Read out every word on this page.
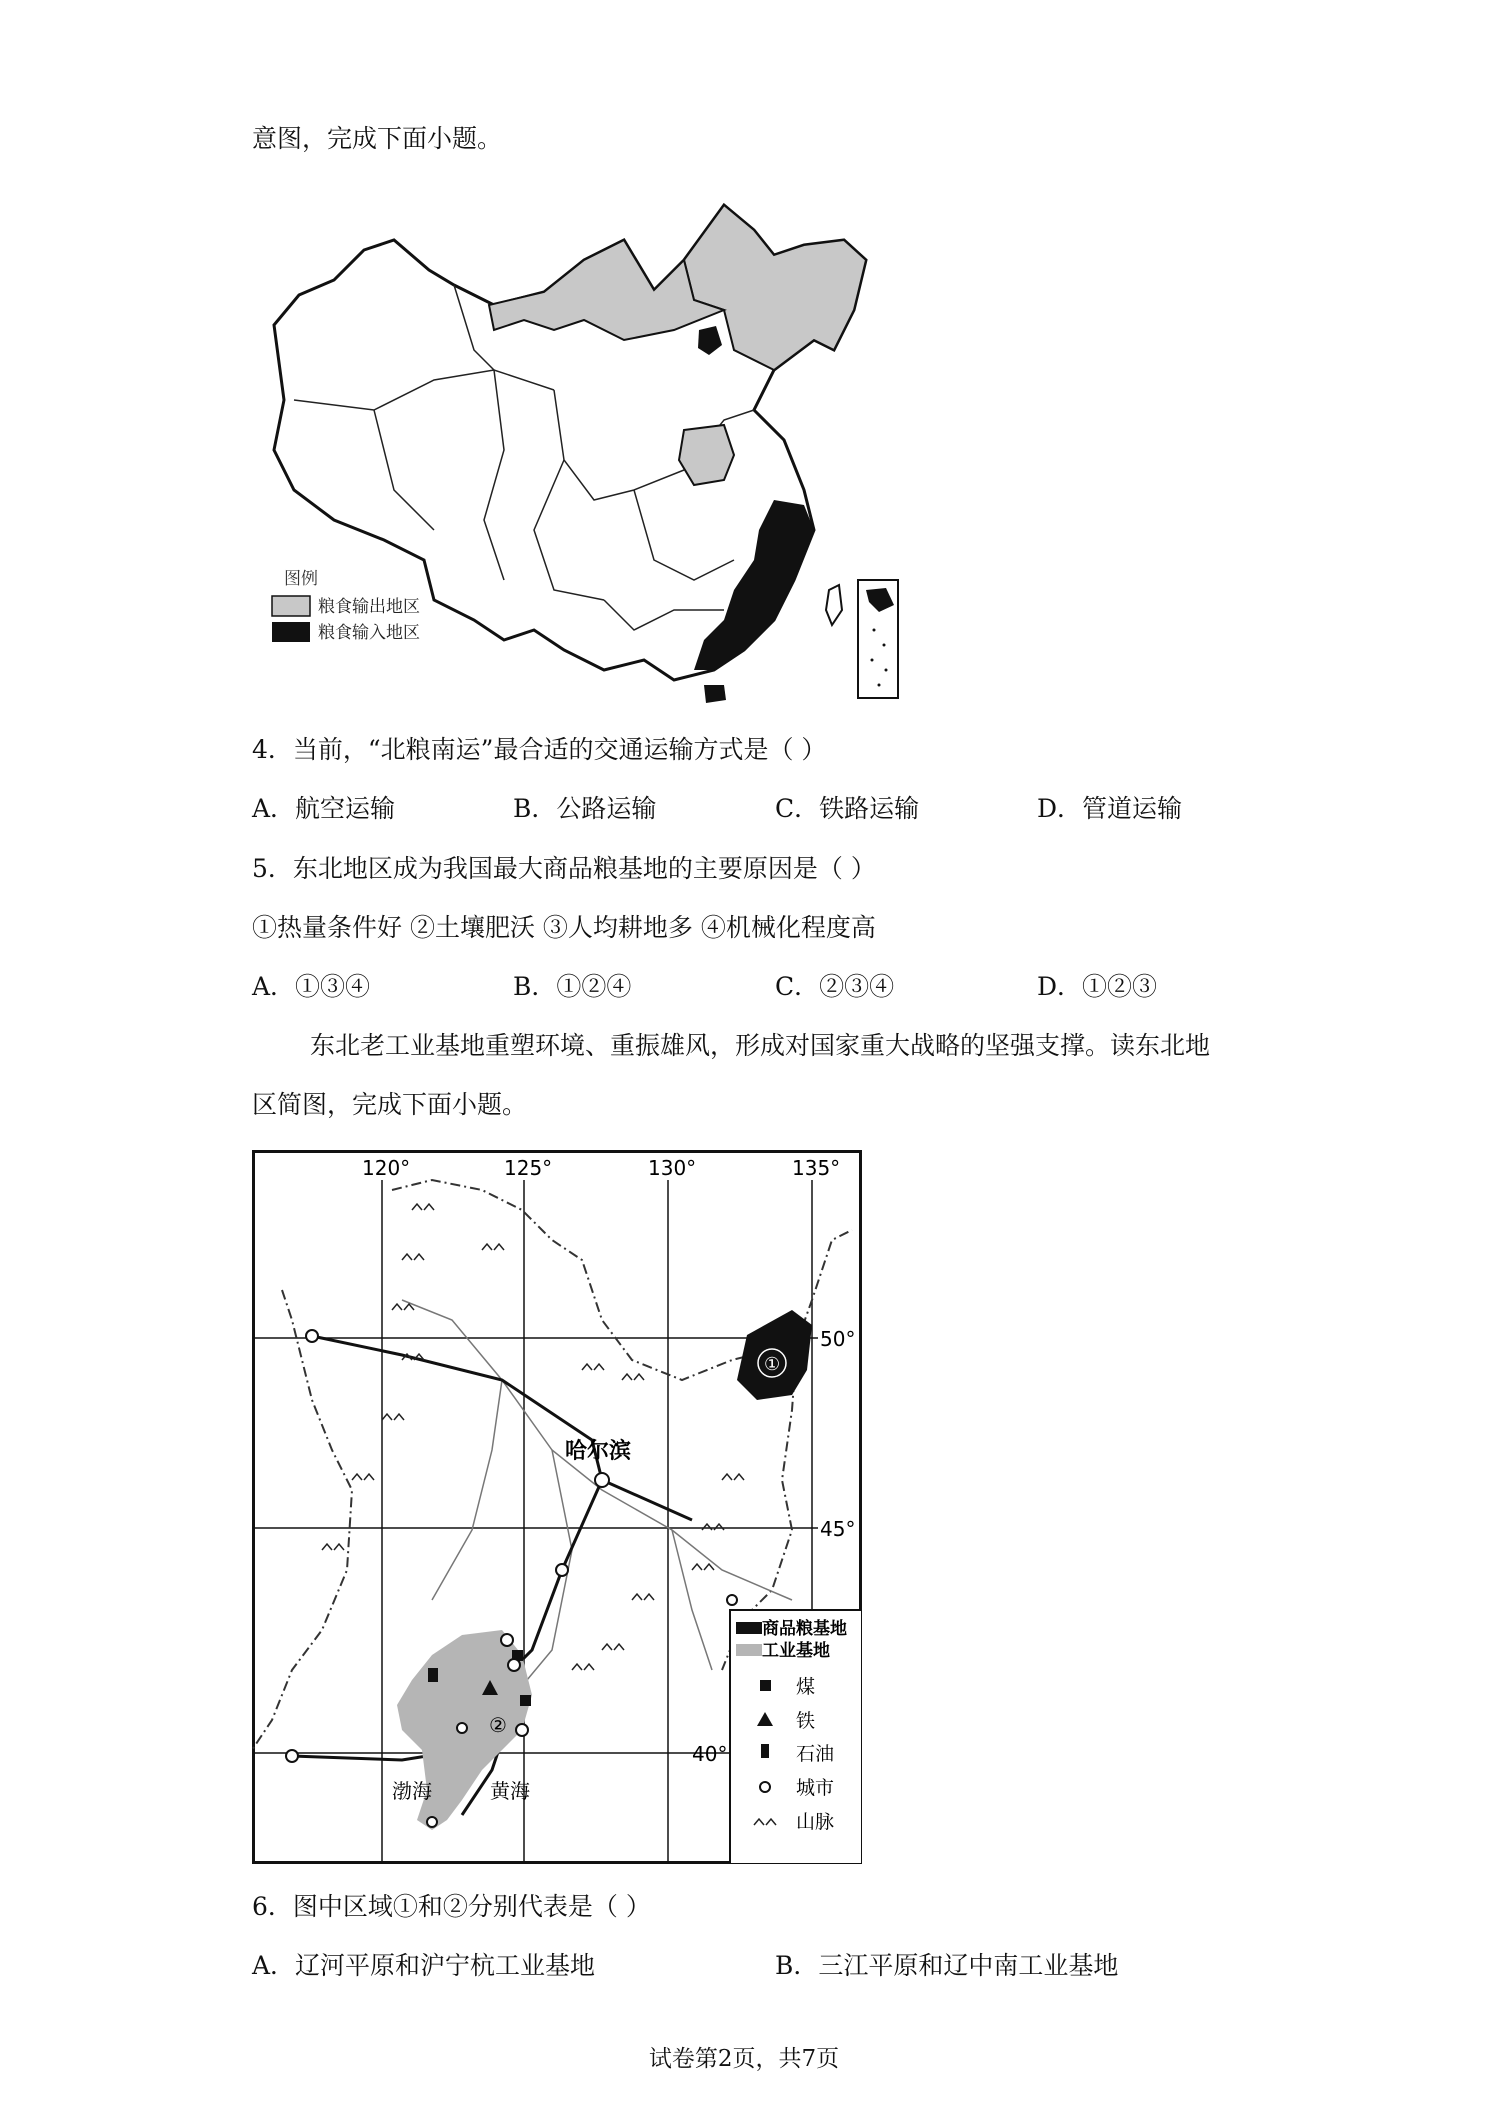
意图，完成下面小题。
图例
粮食输出地区
粮食输入地区
4．当前，“北粮南运”最合适的交通运输方式是（ ）
A．航空运输	B．公路运输	C．铁路运输	D．管道运输
5．东北地区成为我国最大商品粮基地的主要原因是（ ）
①热量条件好 ②土壤肥沃 ③人均耕地多 ④机械化程度高
A．①③④	B．①②④	C．②③④	D．①②③
东北老工业基地重塑环境、重振雄风，形成对国家重大战略的坚强支撑。读东北地
区简图，完成下面小题。
120°	125°	130°	135°
50°
45°
40°
①
②
哈尔滨
渤海	黄海
商品粮基地
工业基地
煤
铁
石油
城市
山脉
6．图中区域①和②分别代表是（ ）
A．辽河平原和沪宁杭工业基地	B．三江平原和辽中南工业基地
试卷第2页，共7页
